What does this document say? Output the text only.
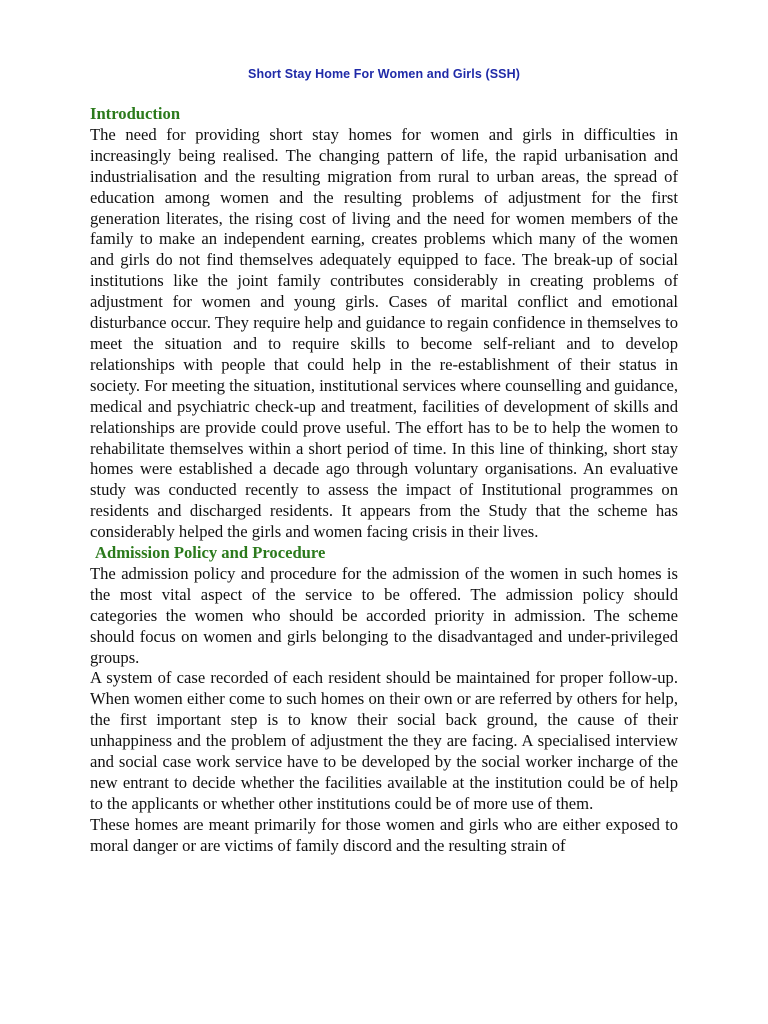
Short Stay Home For Women and Girls (SSH)
Introduction

The need for providing short stay homes for women and girls in difficulties in increasingly being realised. The changing pattern of life, the rapid urbanisation and industrialisation and the resulting migration from rural to urban areas, the spread of education among women and the resulting problems of adjustment for the first generation literates, the rising cost of living and the need for women members of the family to make an independent earning, creates problems which many of the women and girls do not find themselves adequately equipped to face. The break-up of social institutions like the joint family contributes considerably in creating problems of adjustment for women and young girls. Cases of marital conflict and emotional disturbance occur. They require help and guidance to regain confidence in themselves to meet the situation and to require skills to become self-reliant and to develop relationships with people that could help in the re-establishment of their status in society. For meeting the situation, institutional services where counselling and guidance, medical and psychiatric check-up and treatment, facilities of development of skills and relationships are provide could prove useful. The effort has to be to help the women to rehabilitate themselves within a short period of time. In this line of thinking, short stay homes were established a decade ago through voluntary organisations. An evaluative study was conducted recently to assess the impact of Institutional programmes on residents and discharged residents. It appears from the Study that the scheme has considerably helped the girls and women facing crisis in their lives.

Admission Policy and Procedure

The admission policy and procedure for the admission of the women in such homes is the most vital aspect of the service to be offered. The admission policy should categories the women who should be accorded priority in admission. The scheme should focus on women and girls belonging to the disadvantaged and under-privileged groups.

A system of case recorded of each resident should be maintained for proper follow-up. When women either come to such homes on their own or are referred by others for help, the first important step is to know their social back ground, the cause of their unhappiness and the problem of adjustment the they are facing. A specialised interview and social case work service have to be developed by the social worker incharge of the new entrant to decide whether the facilities available at the institution could be of help to the applicants or whether other institutions could be of more use of them.

These homes are meant primarily for those women and girls who are either exposed to moral danger or are victims of family discord and the resulting strain of
